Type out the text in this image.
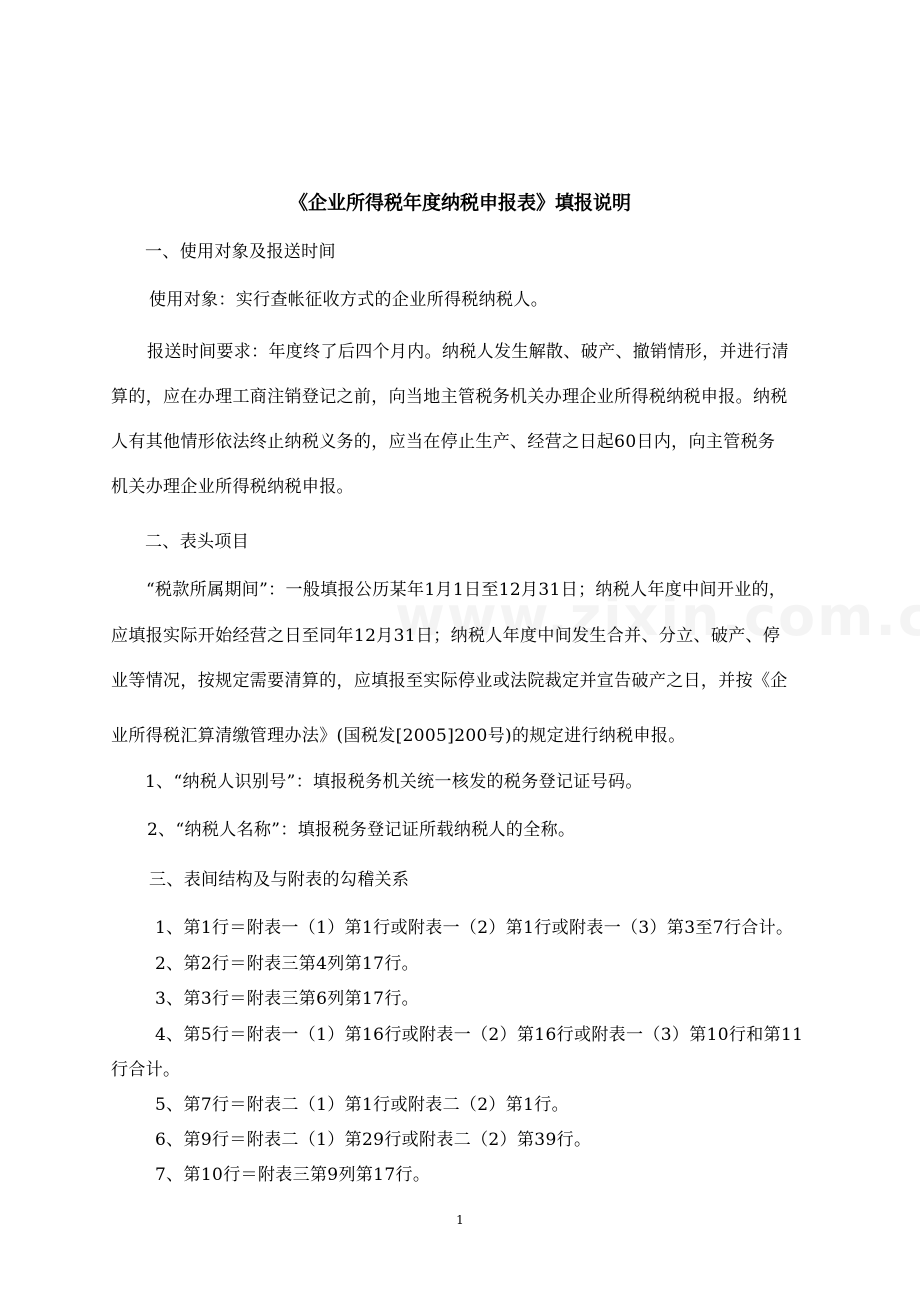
《企业所得税年度纳税申报表》填报说明
一、使用对象及报送时间
使用对象：实行查帐征收方式的企业所得税纳税人。
报送时间要求：年度终了后四个月内。纳税人发生解散、破产、撤销情形，并进行清
算的，应在办理工商注销登记之前，向当地主管税务机关办理企业所得税纳税申报。纳税
人有其他情形依法终止纳税义务的，应当在停止生产、经营之日起60日内，向主管税务
机关办理企业所得税纳税申报。
二、表头项目
“税款所属期间”：一般填报公历某年1月1日至12月31日；纳税人年度中间开业的，
应填报实际开始经营之日至同年12月31日；纳税人年度中间发生合并、分立、破产、停
业等情况，按规定需要清算的，应填报至实际停业或法院裁定并宣告破产之日，并按《企
业所得税汇算清缴管理办法》(国税发[2005]200号)的规定进行纳税申报。
1、“纳税人识别号”：填报税务机关统一核发的税务登记证号码。
2、“纳税人名称”：填报税务登记证所载纳税人的全称。
三、表间结构及与附表的勾稽关系
1、第1行＝附表一（1）第1行或附表一（2）第1行或附表一（3）第3至7行合计。
2、第2行＝附表三第4列第17行。
3、第3行＝附表三第6列第17行。
4、第5行＝附表一（1）第16行或附表一（2）第16行或附表一（3）第10行和第11
行合计。
5、第7行＝附表二（1）第1行或附表二（2）第1行。
6、第9行＝附表二（1）第29行或附表二（2）第39行。
7、第10行＝附表三第9列第17行。
1
